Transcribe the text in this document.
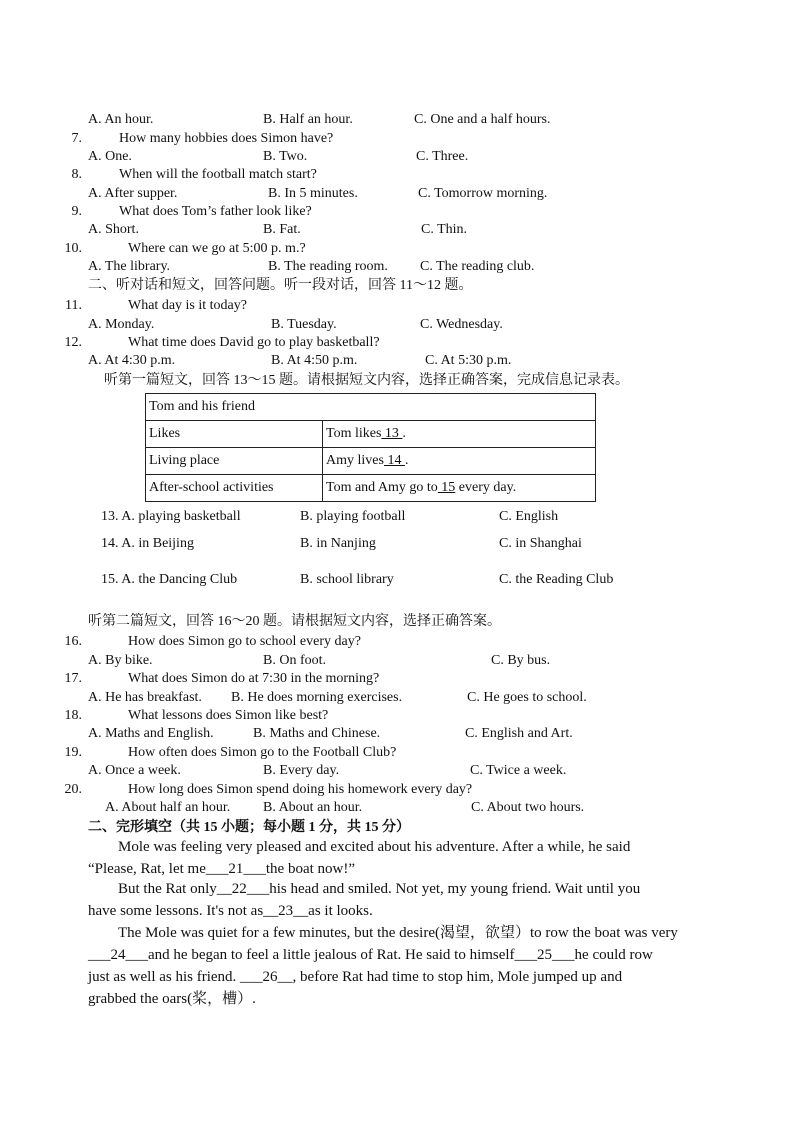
A. An hour.	B. Half an hour.	C. One and a half hours.
7.	How many hobbies does Simon have?
A. One.	B. Two.	C. Three.
8.	When will the football match start?
A. After supper.	B. In 5 minutes.	C. Tomorrow morning.
9.	What does Tom’s father look like?
A. Short.	B. Fat.	C. Thin.
10.	Where can we go at 5:00 p. m.?
A. The library.	B. The reading room. C. The reading club.
二、听对话和短文，回答问题。听一段对话，回答 11～12 题。
11.	What day is it today?
A. Monday.	B. Tuesday.	C. Wednesday.
12.	What time does David go to play basketball?
A. At 4:30 p.m.	B. At 4:50 p.m.	C. At 5:30 p.m.
听第一篇短文，回答 13～15 题。请根据短文内容，选择正确答案，完成信息记录表。
Tom and his friend	
Likes	Tom likes 13 .
Living place	Amy lives 14 .
After-school activities	Tom and Amy go to 15 every day.
13. A. playing basketball	B. playing football	C. English
14. A. in Beijing	B. in Nanjing	C. in Shanghai
15. A. the Dancing Club	B. school library	C. the Reading Club
听第二篇短文，回答 16～20 题。请根据短文内容，选择正确答案。
16.	How does Simon go to school every day?
A. By bike.	B. On foot.	C. By bus.
17.	What does Simon do at 7:30 in the morning?
A. He has breakfast. B. He does morning exercises.	C. He goes to school.
18.	What lessons does Simon like best?
A. Maths and English.	B. Maths and Chinese.	C. English and Art.
19.	How often does Simon go to the Football Club?
A. Once a week.	B. Every day.	C. Twice a week.
20.	How long does Simon spend doing his homework every day?
A. About half an hour. B. About an hour.	C. About two hours.
二、完形填空（共 15 小题；每小题 1 分，共 15 分）
Mole was feeling very pleased and excited about his adventure. After a while, he said
“Please, Rat, let me___21___the boat now!”
But the Rat only__22___his head and smiled. Not yet, my young friend. Wait until you
have some lessons. It's not as__23__as it looks.
The Mole was quiet for a few minutes, but the desire(渴望，欲望）to row the boat was very
___24___and he began to feel a little jealous of Rat. He said to himself___25___he could row
just as well as his friend. ___26__, before Rat had time to stop him, Mole jumped up and
grabbed the oars(桨，槽）.
